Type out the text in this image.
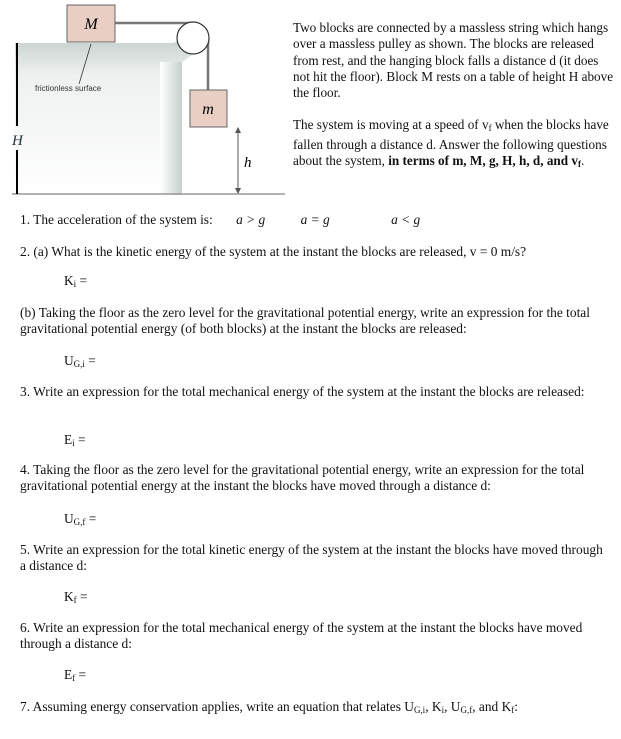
M
m
frictionless surface
H
h
Two blocks are connected by a massless string which hangs over a massless pulley as shown. The blocks are released from rest, and the hanging block falls a distance d (it does not hit the floor). Block M rests on a table of height H above the floor.
The system is moving at a speed of $v_f$ when the blocks have fallen through a distance d. Answer the following questions about the system, in terms of m, M, g, H, h, d, and $v_f$.
1. The acceleration of the system is: a > g	a = g	a < g
2. (a) What is the kinetic energy of the system at the instant the blocks are released, v = 0 m/s?
$K_i$ =
(b) Taking the floor as the zero level for the gravitational potential energy, write an expression for the total gravitational potential energy (of both blocks) at the instant the blocks are released:
$U_{G,i}$ =
3. Write an expression for the total mechanical energy of the system at the instant the blocks are released:
$E_i$ =
4. Taking the floor as the zero level for the gravitational potential energy, write an expression for the total gravitational potential energy at the instant the blocks have moved through a distance d:
$U_{G,f}$ =
5. Write an expression for the total kinetic energy of the system at the instant the blocks have moved through a distance d:
$K_f$ =
6. Write an expression for the total mechanical energy of the system at the instant the blocks have moved through a distance d:
$E_f$ =
7. Assuming energy conservation applies, write an equation that relates $U_{G,i}$, $K_i$, $U_{G,f}$, and $K_f$:
